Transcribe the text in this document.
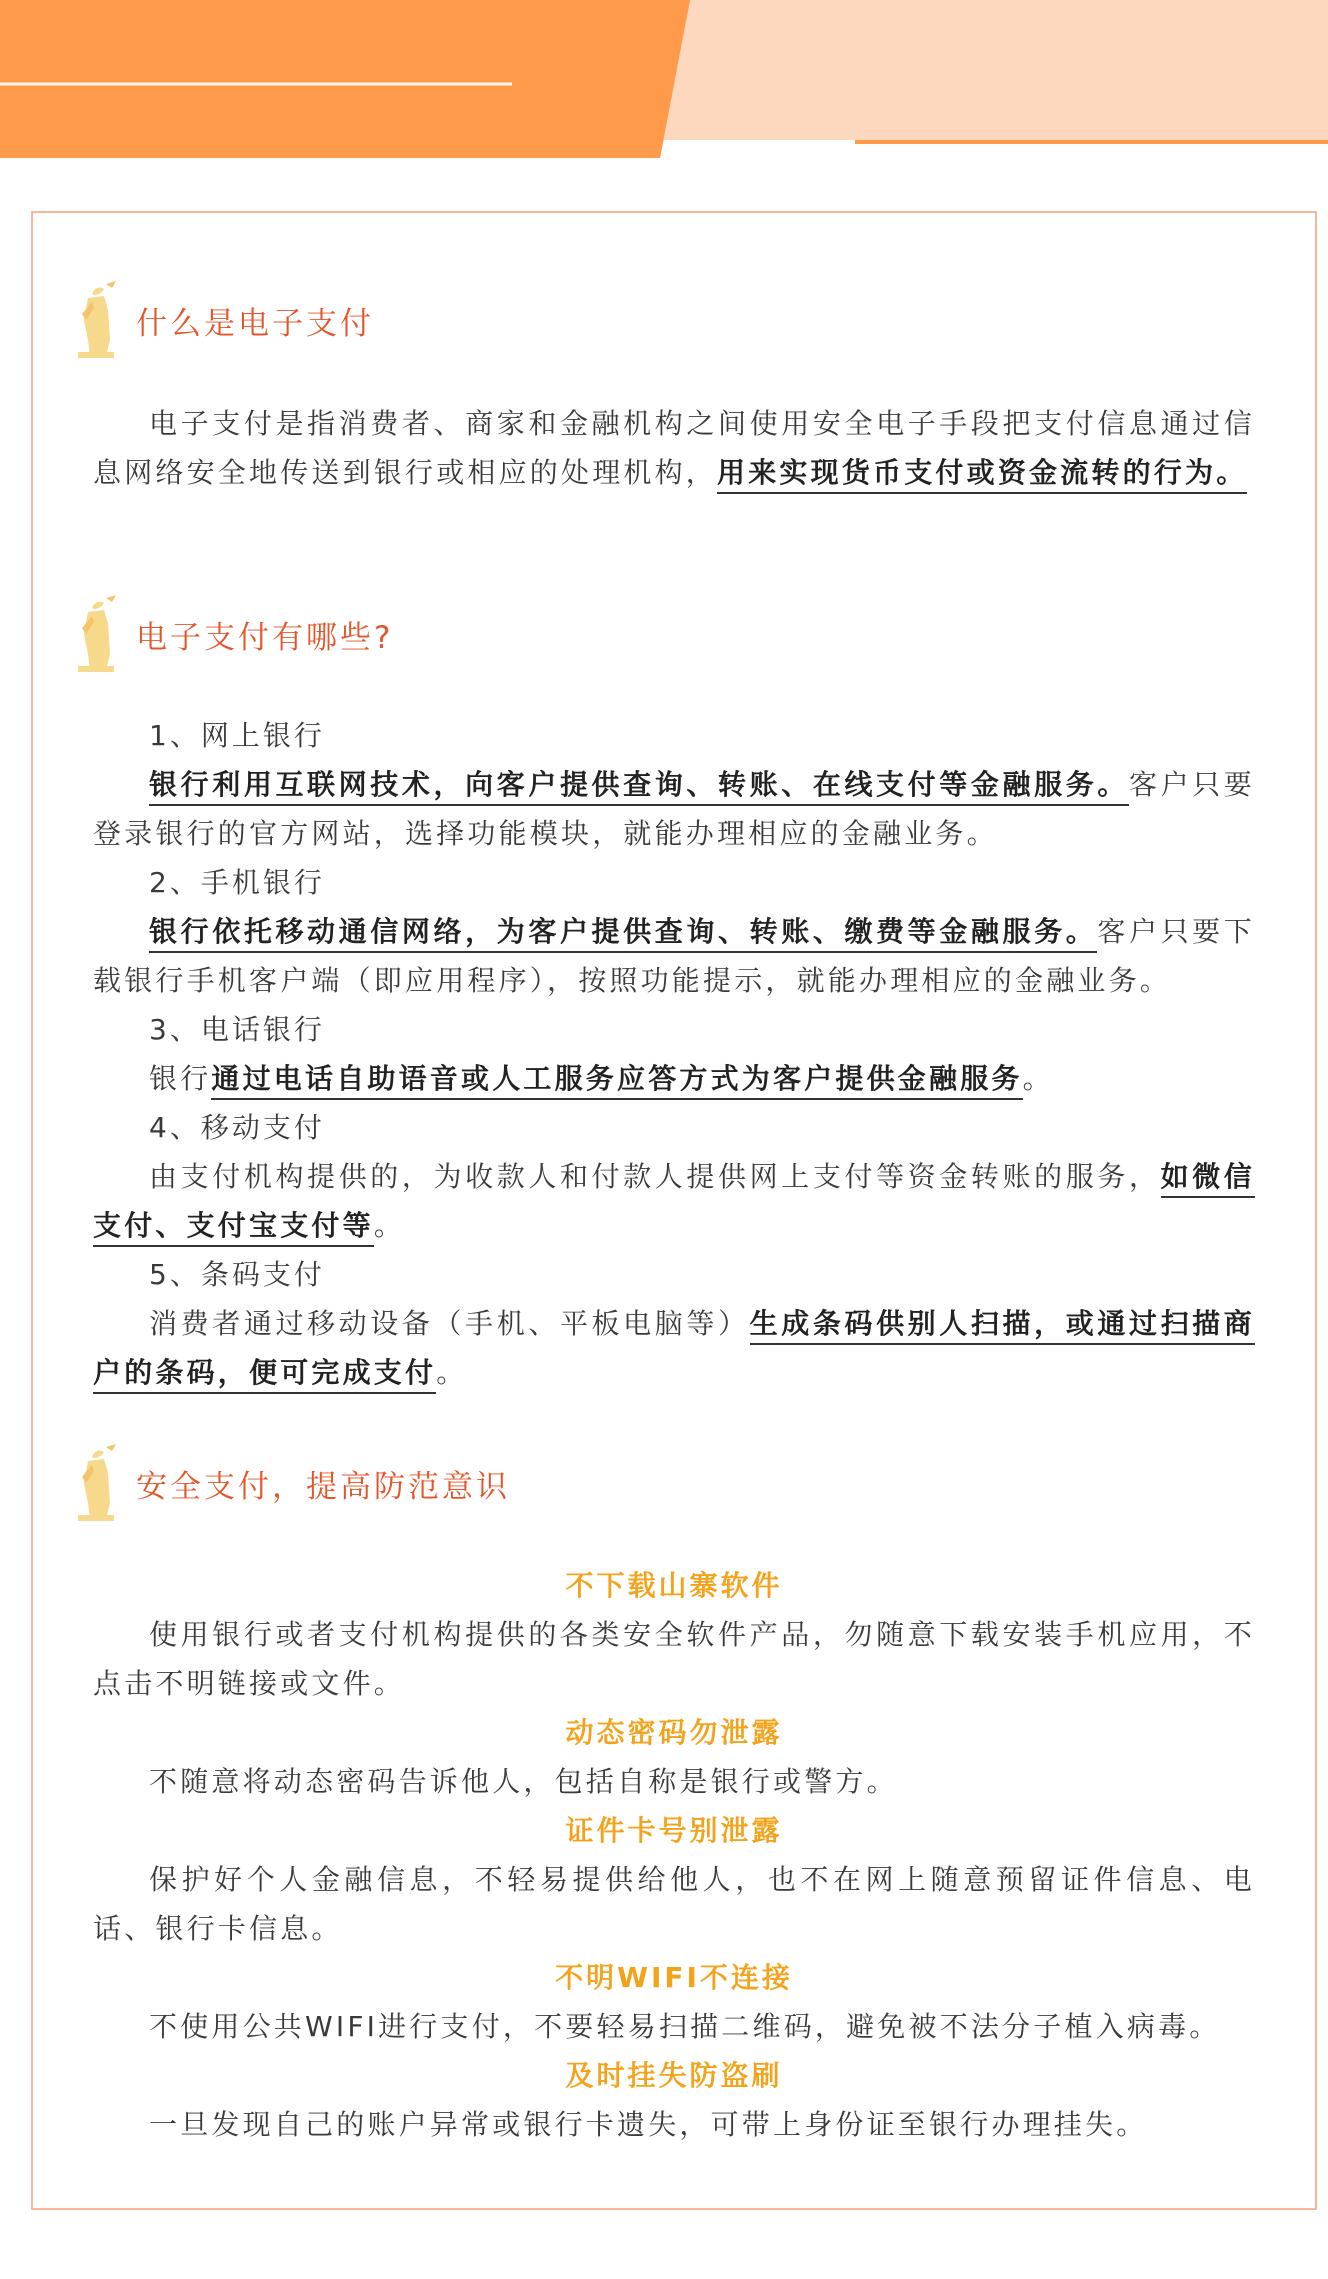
什么是电子支付

电子支付是指消费者、商家和金融机构之间使用安全电子手段把支付信息通过信息网络安全地传送到银行或相应的处理机构，用来实现货币支付或资金流转的行为。

电子支付有哪些?
1、网上银行

银行利用互联网技术，向客户提供查询、转账、在线支付等金融服务。客户只要登录银行的官方网站，选择功能模块，就能办理相应的金融业务。

2、手机银行

银行依托移动通信网络，为客户提供查询、转账、缴费等金融服务。客户只要下载银行手机客户端（即应用程序），按照功能提示，就能办理相应的金融业务。

3、电话银行

银行通过电话自助语音或人工服务应答方式为客户提供金融服务。

4、移动支付

由支付机构提供的，为收款人和付款人提供网上支付等资金转账的服务，如微信支付、支付宝支付等。

5、条码支付

消费者通过移动设备（手机、平板电脑等）生成条码供别人扫描，或通过扫描商户的条码，便可完成支付。

安全支付，提高防范意识
不下载山寨软件

使用银行或者支付机构提供的各类安全软件产品，勿随意下载安装手机应用，不点击不明链接或文件。

动态密码勿泄露

不随意将动态密码告诉他人，包括自称是银行或警方。

证件卡号别泄露

保护好个人金融信息，不轻易提供给他人，也不在网上随意预留证件信息、电话、银行卡信息。

不明WIFI不连接

不使用公共WIFI进行支付，不要轻易扫描二维码，避免被不法分子植入病毒。

及时挂失防盗刷

一旦发现自己的账户异常或银行卡遗失，可带上身份证至银行办理挂失。
